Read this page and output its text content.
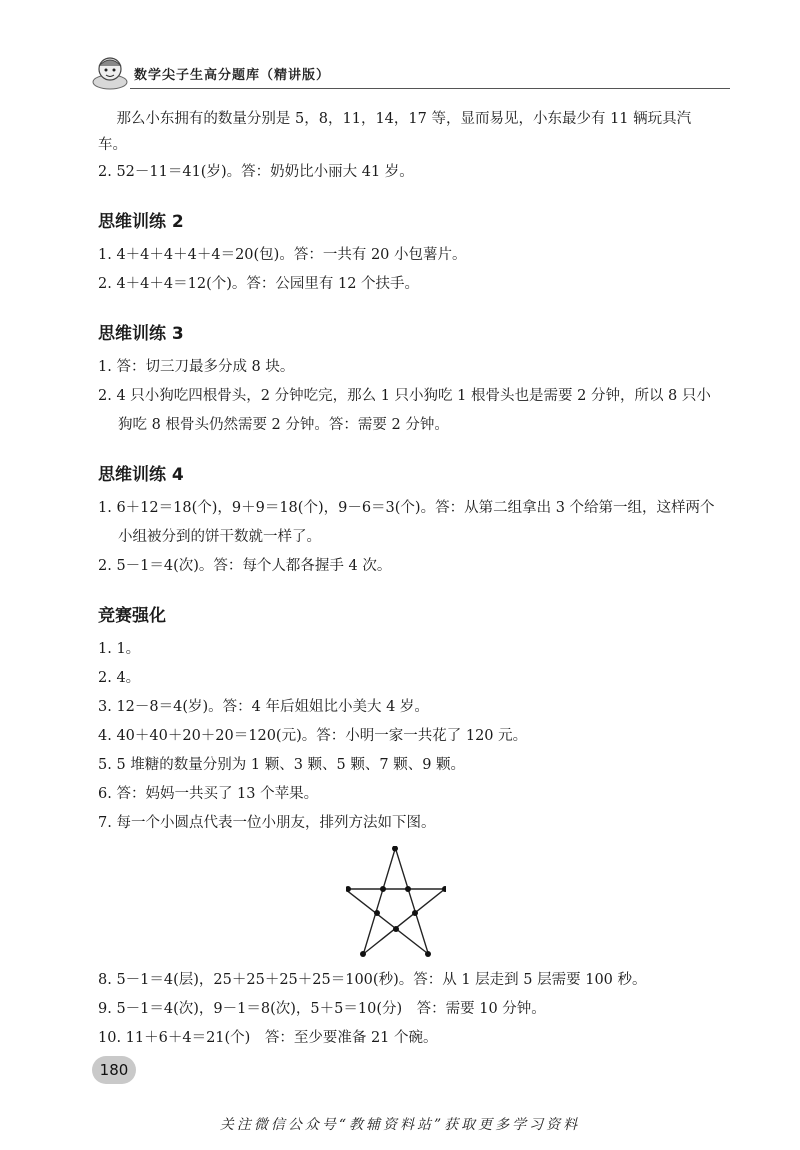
数学尖子生高分题库（精讲版）

那么小东拥有的数量分别是 5，8，11，14，17 等，显而易见，小东最少有 11 辆玩具汽车。

2. 52－11＝41(岁)。答：奶奶比小丽大 41 岁。

思维训练 2

1. 4＋4＋4＋4＋4＝20(包)。答：一共有 20 小包薯片。

2. 4＋4＋4＝12(个)。答：公园里有 12 个扶手。

思维训练 3

1. 答：切三刀最多分成 8 块。

2. 4 只小狗吃四根骨头，2 分钟吃完，那么 1 只小狗吃 1 根骨头也是需要 2 分钟，所以 8 只小狗吃 8 根骨头仍然需要 2 分钟。答：需要 2 分钟。

思维训练 4

1. 6＋12＝18(个)，9＋9＝18(个)，9－6＝3(个)。答：从第二组拿出 3 个给第一组，这样两个小组被分到的饼干数就一样了。

2. 5－1＝4(次)。答：每个人都各握手 4 次。

竞赛强化

1. 1。

2. 4。

3. 12－8＝4(岁)。答：4 年后姐姐比小美大 4 岁。

4. 40＋40＋20＋20＝120(元)。答：小明一家一共花了 120 元。

5. 5 堆糖的数量分别为 1 颗、3 颗、5 颗、7 颗、9 颗。

6. 答：妈妈一共买了 13 个苹果。

7. 每一个小圆点代表一位小朋友，排列方法如下图。

8. 5－1＝4(层)，25＋25＋25＋25＝100(秒)。答：从 1 层走到 5 层需要 100 秒。

9. 5－1＝4(次)，9－1＝8(次)，5＋5＝10(分)　答：需要 10 分钟。

10. 11＋6＋4＝21(个)　答：至少要准备 21 个碗。

180
关注微信公众号“教辅资料站”获取更多学习资料
